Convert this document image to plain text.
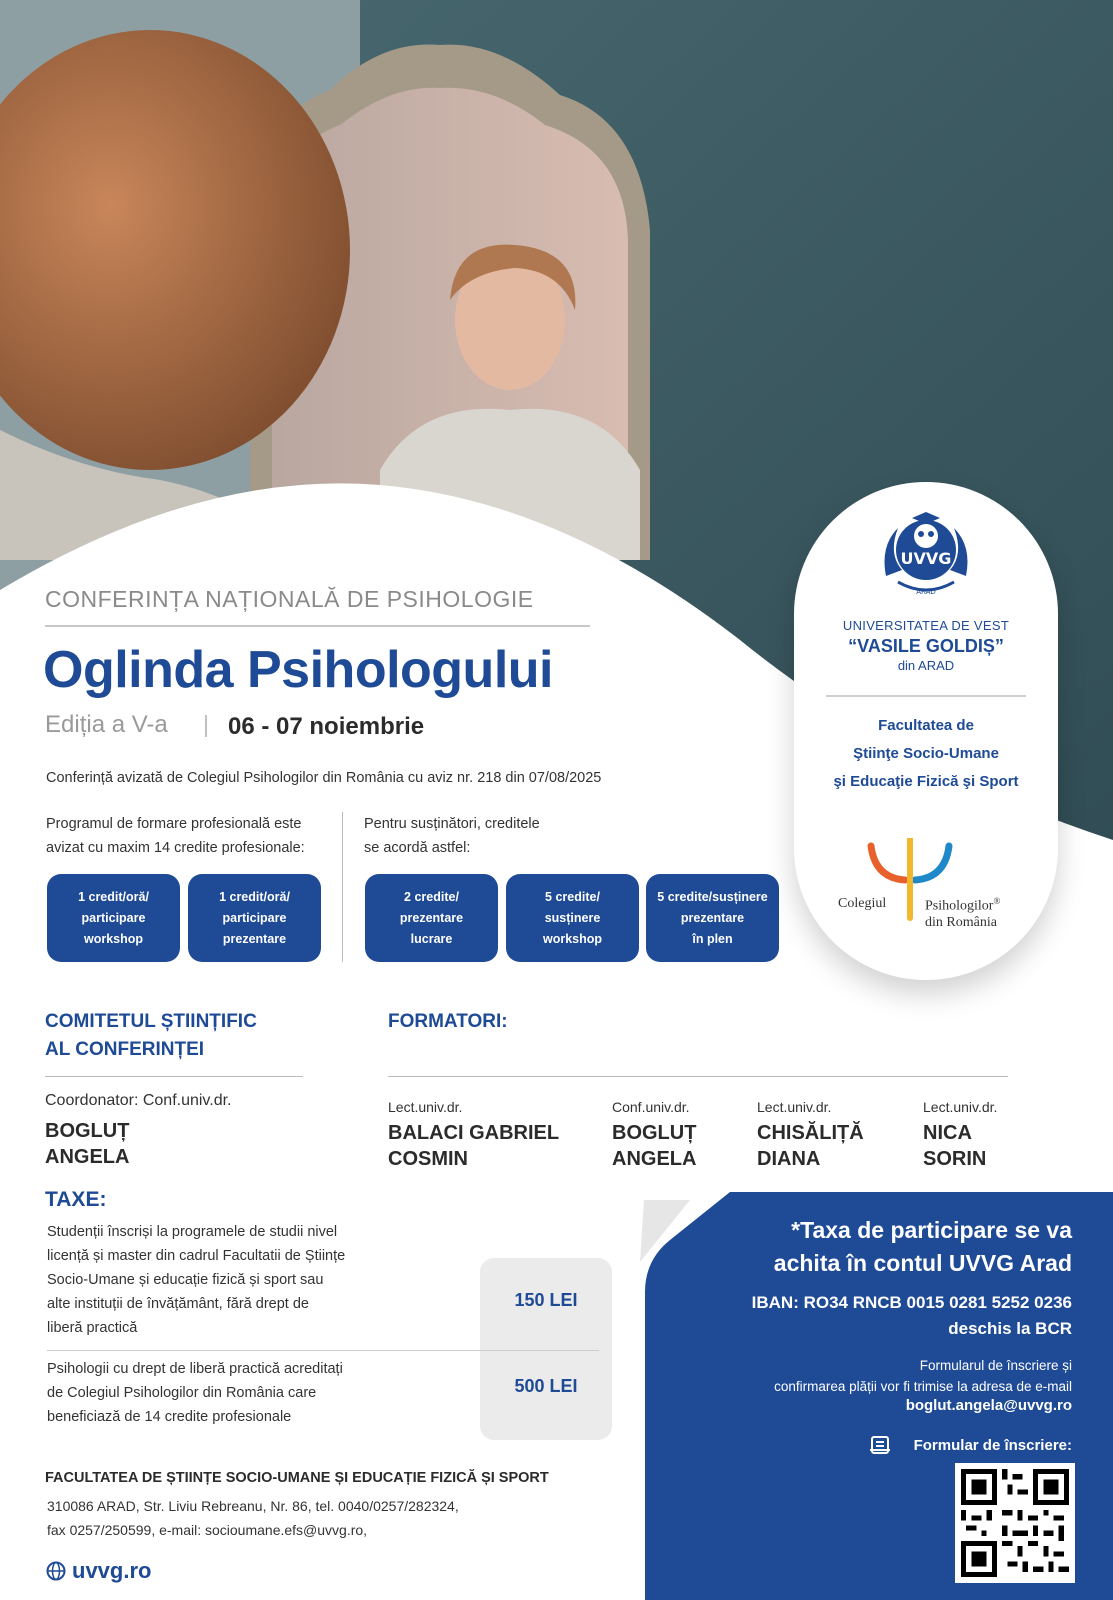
CONFERINȚA NAȚIONALĂ DE PSIHOLOGIE
Oglinda Psihologului
Ediția a V-a	06 - 07 noiembrie
Conferință avizată de Colegiul Psihologilor din România cu aviz nr. 218 din 07/08/2025
Programul de formare profesională este
avizat cu maxim 14 credite profesionale:
Pentru susținători, creditele
se acordă astfel:
1 credit/oră/
participare
workshop
1 credit/oră/
participare
prezentare
2 credite/
prezentare
lucrare
5 credite/
susținere
workshop
5 credite/susținere
prezentare
în plen
UVVG
ARAD
UNIVERSITATEA DE VEST
“VASILE GOLDIȘ”
din ARAD
Facultatea de
Ştiinţe Socio-Umane
şi Educaţie Fizică şi Sport
Colegiul	Psihologilor®
din România
COMITETUL ȘTIINȚIFIC
AL CONFERINȚEI
Coordonator: Conf.univ.dr.
BOGLUȚ
ANGELA
FORMATORI:
Lect.univ.dr.
BALACI GABRIEL
COSMIN
Conf.univ.dr.
BOGLUȚ
ANGELA
Lect.univ.dr.
CHISĂLIȚĂ
DIANA
Lect.univ.dr.
NICA
SORIN
TAXE:
Studenții înscriși la programele de studii nivel
licență și master din cadrul Facultatii de Științe
Socio-Umane și educație fizică și sport sau
alte instituții de învățământ, fără drept de
liberă practică
150 LEI
Psihologii cu drept de liberă practică acreditați
de Colegiul Psihologilor din România care
beneficiază de 14 credite profesionale
500 LEI
*Taxa de participare se va
achita în contul UVVG Arad
IBAN: RO34 RNCB 0015 0281 5252 0236
deschis la BCR
Formularul de înscriere și
confirmarea plății vor fi trimise la adresa de e-mail
boglut.angela@uvvg.ro
Formular de înscriere:
FACULTATEA DE ȘTIINȚE SOCIO-UMANE ȘI EDUCAȚIE FIZICĂ ȘI SPORT
310086 ARAD, Str. Liviu Rebreanu, Nr. 86, tel. 0040/0257/282324,
fax 0257/250599, e-mail: socioumane.efs@uvvg.ro,
uvvg.ro
